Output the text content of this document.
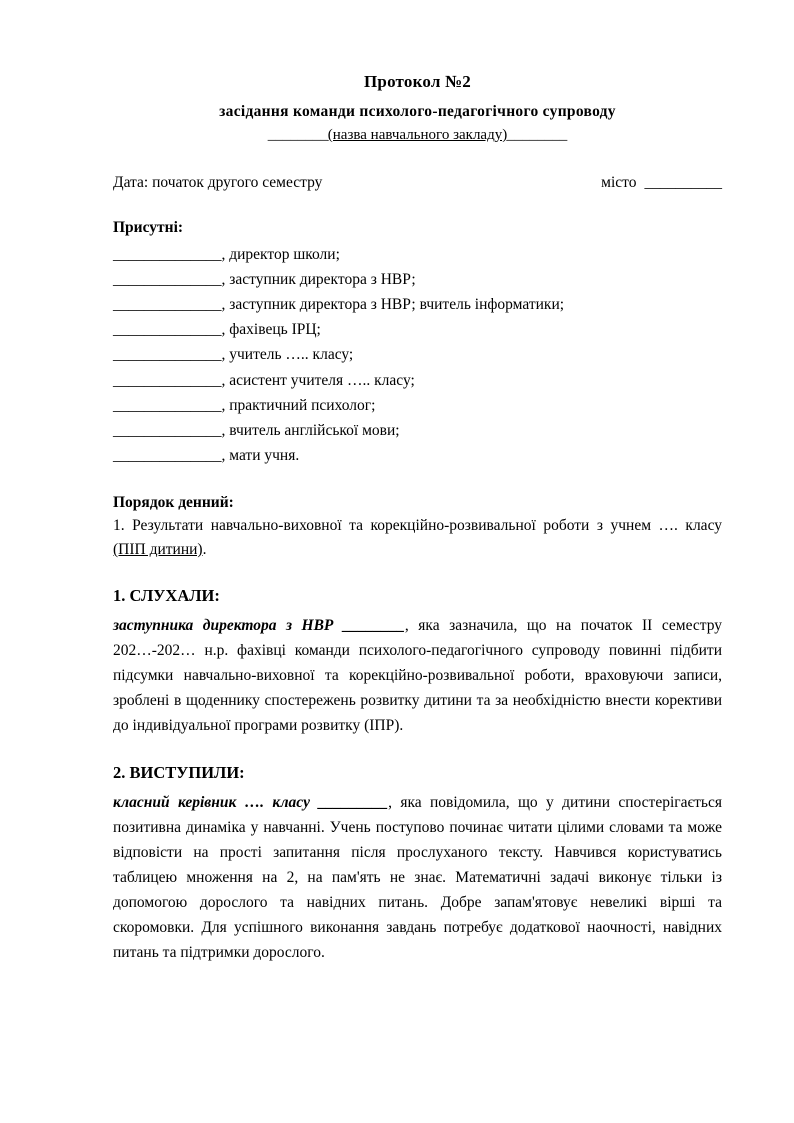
Протокол №2
засідання команди психолого-педагогічного супроводу
________(назва навчального закладу)________
Дата: початок другого семестру	місто __________
Присутні:
______________, директор школи;
______________, заступник директора з НВР;
______________, заступник директора з НВР; вчитель інформатики;
______________, фахівець ІРЦ;
______________, учитель ….. класу;
______________, асистент учителя ….. класу;
______________, практичний психолог;
______________, вчитель англійської мови;
______________, мати учня.
Порядок денний:
1. Результати навчально-виховної та корекційно-розвивальної роботи з учнем …. класу (ПІП дитини).
1. СЛУХАЛИ:

заступника директора з НВР ________, яка зазначила, що на початок ІІ семестру 202…-202… н.р. фахівці команди психолого-педагогічного супроводу повинні підбити підсумки навчально-виховної та корекційно-розвивальної роботи, враховуючи записи, зроблені в щоденнику спостережень розвитку дитини та за необхідністю внести корективи до індивідуальної програми розвитку (ІПР).

2. ВИСТУПИЛИ:

класний керівник …. класу _________, яка повідомила, що у дитини спостерігається позитивна динаміка у навчанні. Учень поступово починає читати цілими словами та може відповісти на прості запитання після прослуханого тексту. Навчився користуватись таблицею множення на 2, на пам'ять не знає. Математичні задачі виконує тільки із допомогою дорослого та навідних питань. Добре запам'ятовує невеликі вірші та скоромовки. Для успішного виконання завдань потребує додаткової наочності, навідних питань та підтримки дорослого.
